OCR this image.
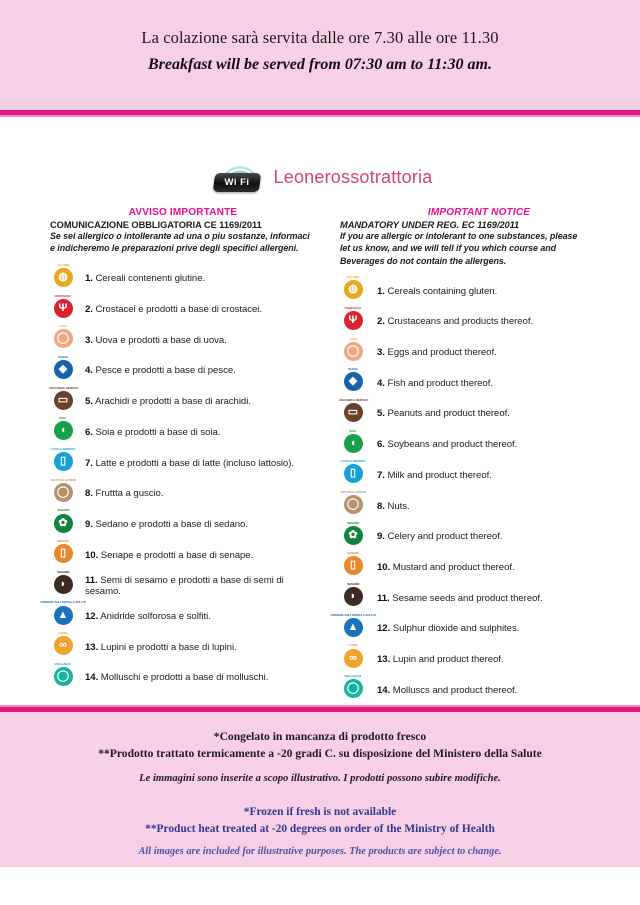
La colazione sarà servita dalle ore 7.30 alle ore 11.30
Breakfast will be served from 07:30 am to 11:30 am.
Wi Fi	Leonerossotrattoria
AVVISO IMPORTANTE
COMUNICAZIONE OBBLIGATORIA CE 1169/2011
Se sei allergico o intollerante ad una o piu sostanze, informaci
e indicheremo le preparazioni prive degli specifici allergeni.
GLUTINE
◍	1. Cereali contenenti glutine.
CROSTACEI
Ψ	2. Crostacei e prodotti a base di crostacei.
UOVA
◯	3. Uova e prodotti a base di uova.
PESCE
◆	4. Pesce e prodotti a base di pesce.
ARACHIDI E DERIVATI
▭	5. Arachidi e prodotti a base di arachidi.
SOIA
◖	6. Soia e prodotti a base di soia.
LATTE E DERIVATI
▯	7. Latte e prodotti a base di latte (incluso lattosio).
FRUTTA A GUSCIO
◯	8. Fruttta a guscio.
SEDANO
✿	9. Sedano e prodotti a base di sedano.
SENAPE
▯	10. Senape e prodotti a base di senape.
SESAMO
◗	11. Semi di sesamo e prodotti a base di semi di sesamo.
ANIDRIDE SOLFOROSA E SOLFITI
▲	12. Anidride solforosa e solfiti.
LUPINI
∞	13. Lupini e prodotti a base di lupini.
MOLLUSCHI
◯	14. Molluschi e prodotti a base di molluschi.
IMPORTANT NOTICE
MANDATORY UNDER REG. EC 1169/2011
If you are allergic or intolerant to one substances, please
let us know, and we will tell if you which course and
Beverages do not contain the allergens.
GLUTINE
◍	1. Cereals containing gluten.
CROSTACEI
Ψ	2. Crustaceans and products thereof.
UOVA
◯	3. Eggs and product thereof.
PESCE
◆	4. Fish and product thereof.
ARACHIDI E DERIVATI
▭	5. Peanuts and product thereof.
SOIA
◖	6. Soybeans and product thereof.
LATTE E DERIVATI
▯	7. Milk and product thereof.
FRUTTA A GUSCIO
◯	8. Nuts.
SEDANO
✿	9. Celery and product thereof.
SENAPE
▯	10. Mustard and product thereof.
SESAMO
◗	11. Sesame seeds and product thereof.
ANIDRIDE SOLFOROSA E SOLFITI
▲	12. Sulphur dioxide and sulphites.
LUPINI
∞	13. Lupin and product thereof.
MOLLUSCHI
◯	14. Molluscs and product thereof.
*Congelato in mancanza di prodotto fresco
**Prodotto trattato termicamente a -20 gradi C. su disposizione del Ministero della Salute
Le immagini sono inserite a scopo illustrativo. I prodotti possono subire modifiche.
*Frozen if fresh is not available
**Product heat treated at -20 degrees on order of the Ministry of Health
All images are included for illustrative purposes. The products are subject to change.
